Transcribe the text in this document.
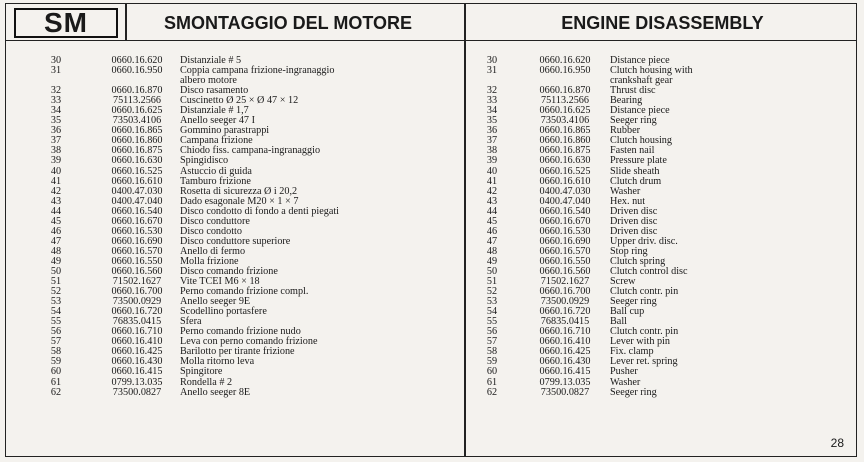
SM	SMONTAGGIO DEL MOTORE	ENGINE DISASSEMBLY
30	0660.16.620	Distanziale # 5
31	0660.16.950	Coppia campana frizione-ingranaggio albero motore
32	0660.16.870	Disco rasamento
33	75113.2566	Cuscinetto Ø 25 × Ø 47 × 12
34	0660.16.625	Distanziale # 1,7
35	73503.4106	Anello seeger 47 I
36	0660.16.865	Gommino parastrappi
37	0660.16.860	Campana frizione
38	0660.16.875	Chiodo fiss. campana-ingranaggio
39	0660.16.630	Spingidisco
40	0660.16.525	Astuccio di guida
41	0660.16.610	Tamburo frizione
42	0400.47.030	Rosetta di sicurezza Ø i 20,2
43	0400.47.040	Dado esagonale M20 × 1 × 7
44	0660.16.540	Disco condotto di fondo a denti piegati
45	0660.16.670	Disco conduttore
46	0660.16.530	Disco condotto
47	0660.16.690	Disco conduttore superiore
48	0660.16.570	Anello di fermo
49	0660.16.550	Molla frizione
50	0660.16.560	Disco comando frizione
51	71502.1627	Vite TCEI M6 × 18
52	0660.16.700	Perno comando frizione compl.
53	73500.0929	Anello seeger 9E
54	0660.16.720	Scodellino portasfere
55	76835.0415	Sfera
56	0660.16.710	Perno comando frizione nudo
57	0660.16.410	Leva con perno comando frizione
58	0660.16.425	Barilotto per tirante frizione
59	0660.16.430	Molla ritorno leva
60	0660.16.415	Spingitore
61	0799.13.035	Rondella # 2
62	73500.0827	Anello seeger 8E
30	0660.16.620	Distance piece
31	0660.16.950	Clutch housing with crankshaft gear
32	0660.16.870	Thrust disc
33	75113.2566	Bearing
34	0660.16.625	Distance piece
35	73503.4106	Seeger ring
36	0660.16.865	Rubber
37	0660.16.860	Clutch housing
38	0660.16.875	Fasten nail
39	0660.16.630	Pressure plate
40	0660.16.525	Slide sheath
41	0660.16.610	Clutch drum
42	0400.47.030	Washer
43	0400.47.040	Hex. nut
44	0660.16.540	Driven disc
45	0660.16.670	Driven disc
46	0660.16.530	Driven disc
47	0660.16.690	Upper driv. disc.
48	0660.16.570	Stop ring
49	0660.16.550	Clutch spring
50	0660.16.560	Clutch control disc
51	71502.1627	Screw
52	0660.16.700	Clutch contr. pin
53	73500.0929	Seeger ring
54	0660.16.720	Ball cup
55	76835.0415	Ball
56	0660.16.710	Clutch contr. pin
57	0660.16.410	Lever with pin
58	0660.16.425	Fix. clamp
59	0660.16.430	Lever ret. spring
60	0660.16.415	Pusher
61	0799.13.035	Washer
62	73500.0827	Seeger ring
28
